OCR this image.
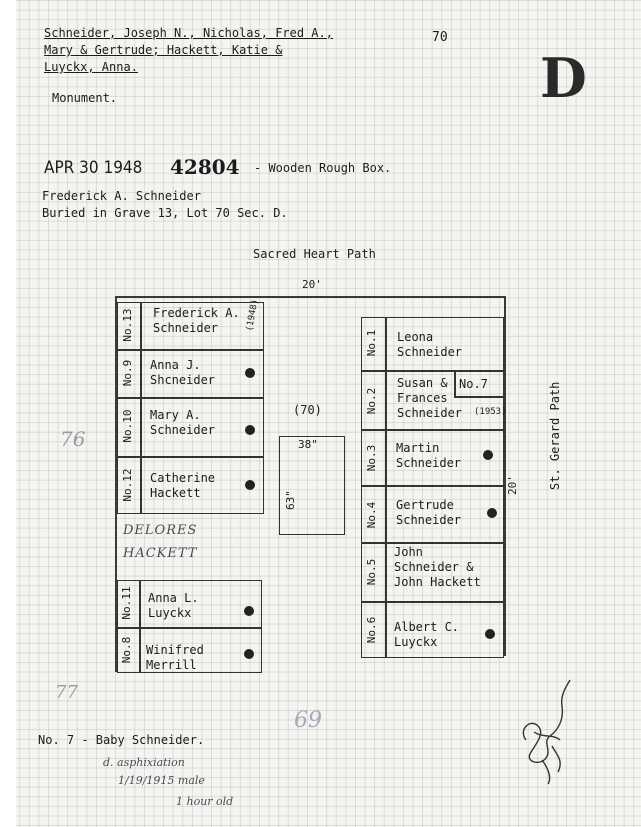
Schneider, Joseph N., Nicholas, Fred A.,
Mary & Gertrude; Hackett, Katie &
Luyckx, Anna.
70
D
Monument.
APR 30 1948 42804 - Wooden Rough Box.
Frederick A. Schneider
Buried in Grave 13, Lot 70 Sec. D.
Sacred Heart Path
20'
St. Gerard Path
20'
No.13 Frederick A. Schneider	(1948)
No.9 Anna J. Shcneider
No.10 Mary A. Schneider
No.12 Catherine Hackett
DELORES
HACKETT
No.11 Anna L. Luyckx
No.8 Winifred Merrill
(70)
38"
63"
No.1 Leona Schneider
No.2
Susan & Frances Schneider	(1953)
No.7
No.3 Martin Schneider
No.4 Gertrude Schneider
No.5
John Schneider & John Hackett
No.6 Albert C. Luyckx
No. 7 - Baby Schneider.
d. asphixiation
1/19/1915 male
1 hour old
76
77
69
